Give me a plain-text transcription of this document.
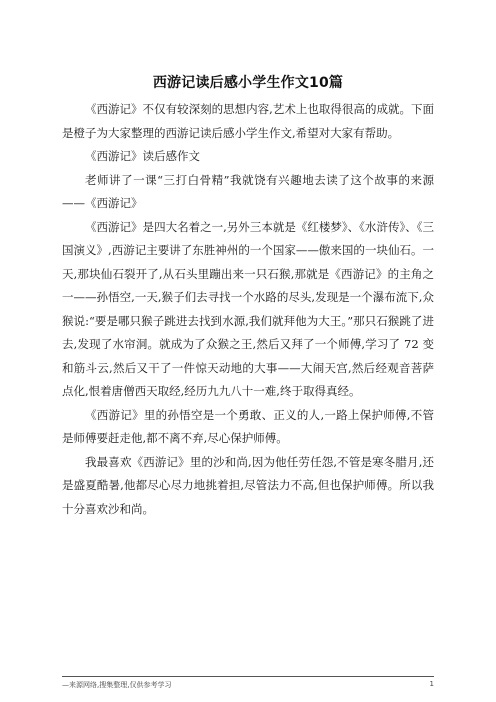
西游记读后感小学生作文10篇

《西游记》不仅有较深刻的思想内容,艺术上也取得很高的成就。下面是橙子为大家整理的西游记读后感小学生作文,希望对大家有帮助。

《西游记》读后感作文

老师讲了一课“三打白骨精”我就饶有兴趣地去读了这个故事的来源——《西游记》

《西游记》是四大名着之一,另外三本就是《红楼梦》、《水浒传》、《三国演义》,西游记主要讲了东胜神州的一个国家——傲来国的一块仙石。一天,那块仙石裂开了,从石头里蹦出来一只石猴,那就是《西游记》的主角之一——孙悟空,一天,猴子们去寻找一个水路的尽头,发现是一个瀑布流下,众猴说:“要是哪只猴子跳进去找到水源,我们就拜他为大王。”那只石猴跳了进去,发现了水帘洞。就成为了众猴之王,然后又拜了一个师傅,学习了 72 变和筋斗云,然后又干了一件惊天动地的大事——大闹天宫,然后经观音菩萨点化,恨着唐僧西天取经,经历九九八十一难,终于取得真经。

《西游记》里的孙悟空是一个勇敢、正义的人,一路上保护师傅,不管是师傅要赶走他,都不离不弃,尽心保护师傅。

我最喜欢《西游记》里的沙和尚,因为他任劳任怨,不管是寒冬腊月,还是盛夏酷暑,他都尽心尽力地挑着担,尽管法力不高,但也保护师傅。所以我十分喜欢沙和尚。

—来源网络,搜集整理,仅供参考学习	1
